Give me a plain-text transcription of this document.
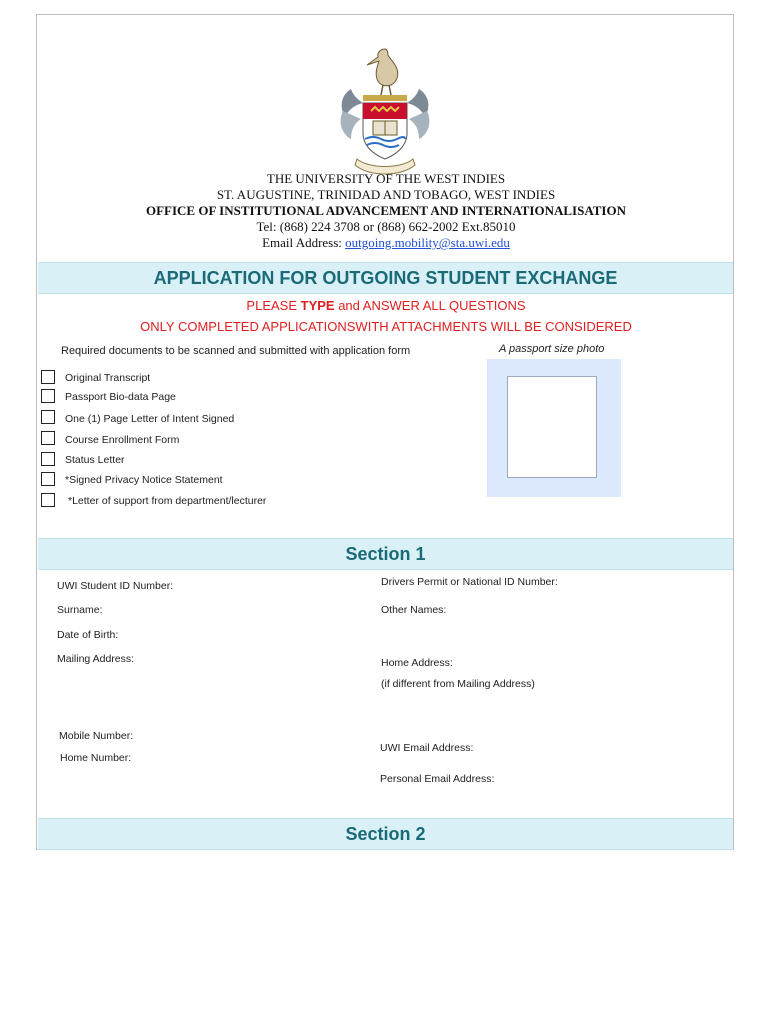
THE UNIVERSITY OF THE WEST INDIES
ST. AUGUSTINE, TRINIDAD AND TOBAGO, WEST INDIES
OFFICE OF INSTITUTIONAL ADVANCEMENT AND INTERNATIONALISATION
Tel: (868) 224 3708 or (868) 662-2002 Ext.85010
Email Address: outgoing.mobility@sta.uwi.edu
APPLICATION FOR OUTGOING STUDENT EXCHANGE
PLEASE TYPE and ANSWER ALL QUESTIONS
ONLY COMPLETED APPLICATIONSWITH ATTACHMENTS WILL BE CONSIDERED
Required documents to be scanned and submitted with application form	A passport size photo
Original Transcript
Passport Bio-data Page
One (1) Page Letter of Intent Signed
Course Enrollment Form
Status Letter
*Signed Privacy Notice Statement
*Letter of support from department/lecturer
Section 1
UWI Student ID Number:	Drivers Permit or National ID Number:
Surname:	Other Names:
Date of Birth:
Mailing Address:	Home Address:
(if different from Mailing Address)
Mobile Number:
Home Number:
UWI Email Address:
Personal Email Address:
Section 2
